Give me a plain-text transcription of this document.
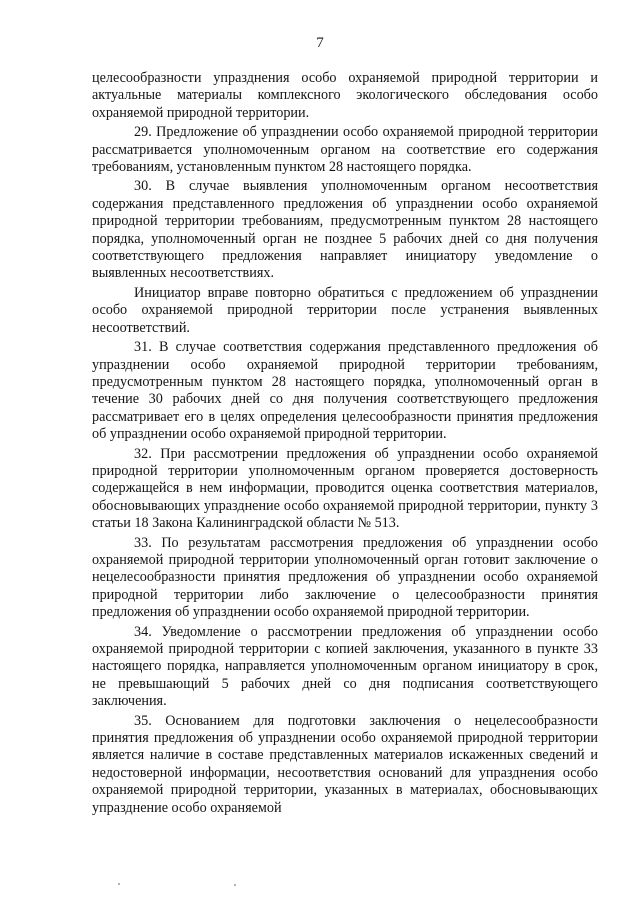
7

целесообразности упразднения особо охраняемой природной территории и актуальные материалы комплексного экологического обследования особо охраняемой природной территории.

29. Предложение об упразднении особо охраняемой природной территории рассматривается уполномоченным органом на соответствие его содержания требованиям, установленным пунктом 28 настоящего порядка.

30. В случае выявления уполномоченным органом несоответствия содержания представленного предложения об упразднении особо охраняемой природной территории требованиям, предусмотренным пунктом 28 настоящего порядка, уполномоченный орган не позднее 5 рабочих дней со дня получения соответствующего предложения направляет инициатору уведомление о выявленных несоответствиях.

Инициатор вправе повторно обратиться с предложением об упразднении особо охраняемой природной территории после устранения выявленных несоответствий.

31. В случае соответствия содержания представленного предложения об упразднении особо охраняемой природной территории требованиям, предусмотренным пунктом 28 настоящего порядка, уполномоченный орган в течение 30 рабочих дней со дня получения соответствующего предложения рассматривает его в целях определения целесообразности принятия предложения об упразднении особо охраняемой природной территории.

32. При рассмотрении предложения об упразднении особо охраняемой природной территории уполномоченным органом проверяется достоверность содержащейся в нем информации, проводится оценка соответствия материалов, обосновывающих упразднение особо охраняемой природной территории, пункту 3 статьи 18 Закона Калининградской области № 513.

33. По результатам рассмотрения предложения об упразднении особо охраняемой природной территории уполномоченный орган готовит заключение о нецелесообразности принятия предложения об упразднении особо охраняемой природной территории либо заключение о целесообразности принятия предложения об упразднении особо охраняемой природной территории.

34. Уведомление о рассмотрении предложения об упразднении особо охраняемой природной территории с копией заключения, указанного в пункте 33 настоящего порядка, направляется уполномоченным органом инициатору в срок, не превышающий 5 рабочих дней со дня подписания соответствующего заключения.

35. Основанием для подготовки заключения о нецелесообразности принятия предложения об упразднении особо охраняемой природной территории является наличие в составе представленных материалов искаженных сведений и недостоверной информации, несоответствия оснований для упразднения особо охраняемой природной территории, указанных в материалах, обосновывающих упразднение особо охраняемой
